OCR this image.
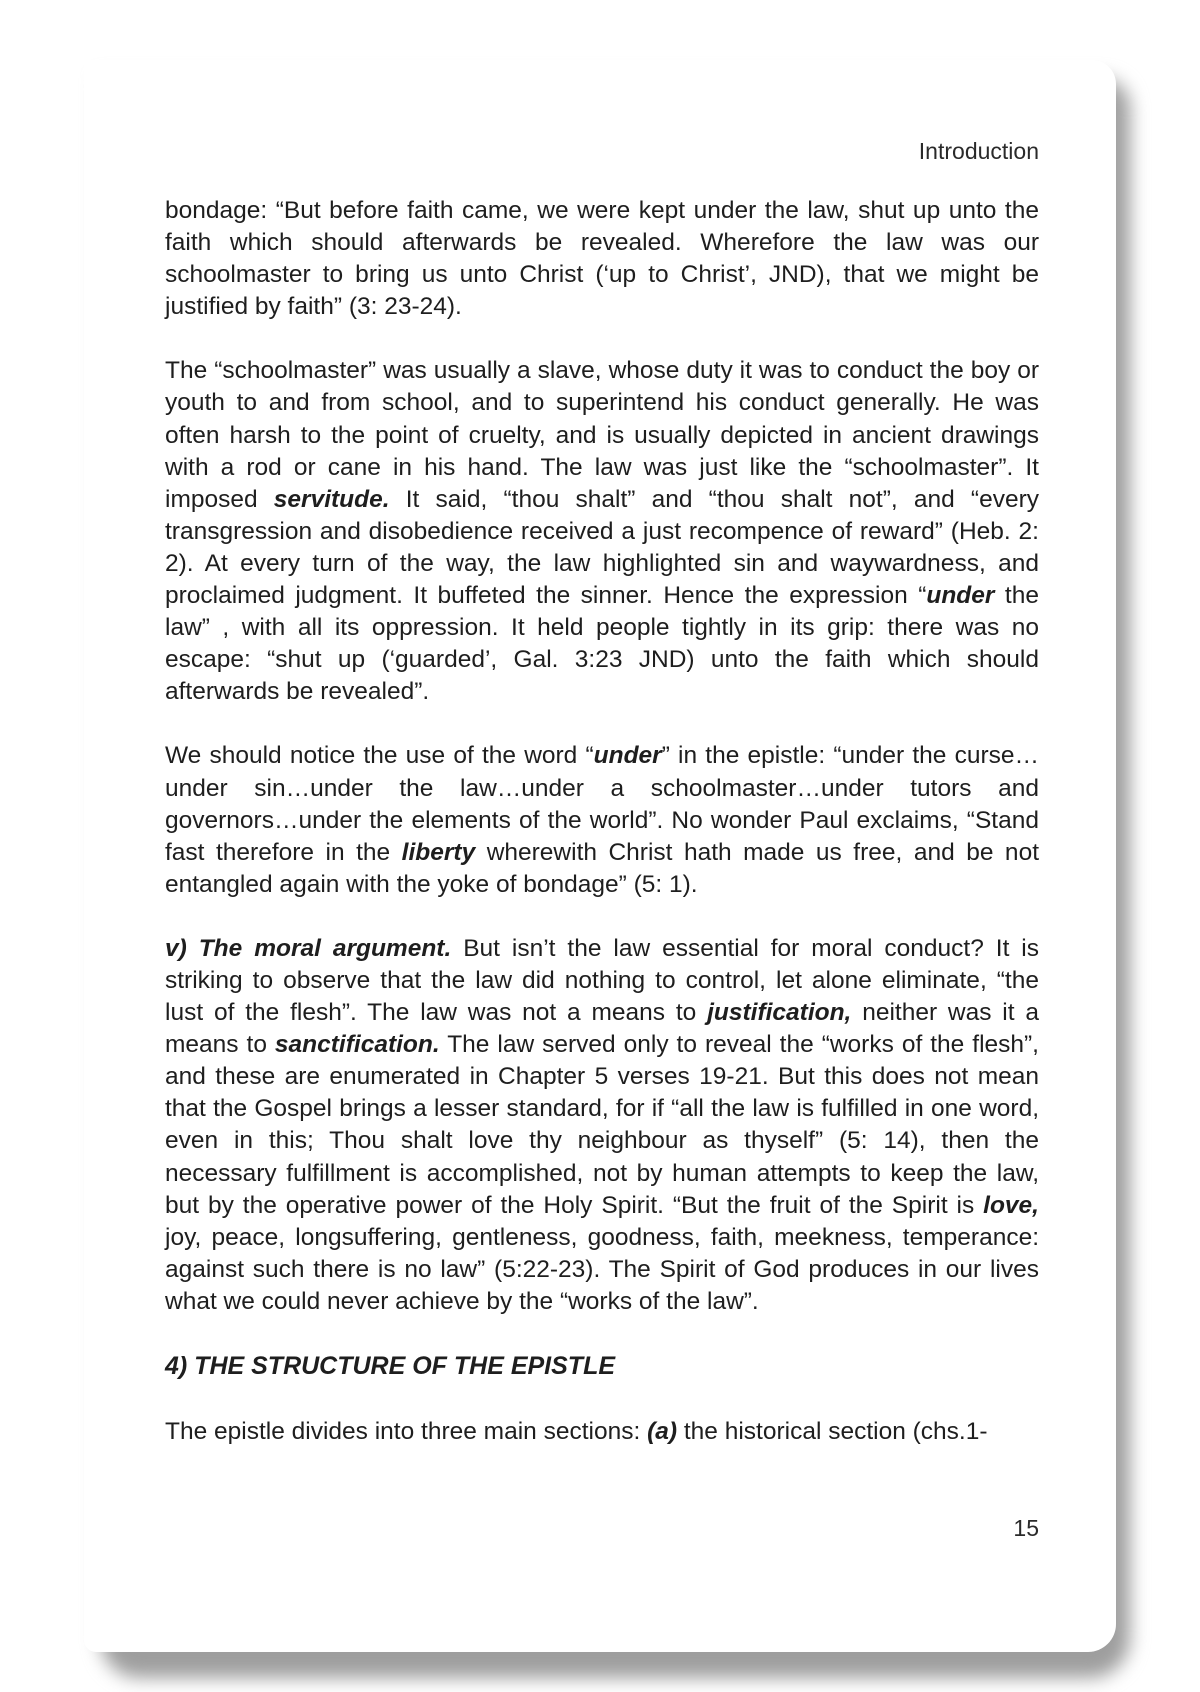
Introduction

bondage: “But before faith came, we were kept under the law, shut up unto the faith which should afterwards be revealed. Wherefore the law was our schoolmaster to bring us unto Christ (‘up to Christ’, JND), that we might be justified by faith” (3: 23-24).

The “schoolmaster” was usually a slave, whose duty it was to conduct the boy or youth to and from school, and to superintend his conduct generally. He was often harsh to the point of cruelty, and is usually depicted in ancient drawings with a rod or cane in his hand. The law was just like the “schoolmaster”. It imposed servitude. It said, “thou shalt” and “thou shalt not”, and “every transgression and disobedience received a just recompence of reward” (Heb. 2: 2). At every turn of the way, the law highlighted sin and waywardness, and proclaimed judgment. It buffeted the sinner. Hence the expression “under the law” , with all its oppression. It held people tightly in its grip: there was no escape: “shut up (‘guarded’, Gal. 3:23 JND) unto the faith which should afterwards be revealed”.

We should notice the use of the word “under” in the epistle: “under the curse…under sin…under the law…under a schoolmaster…under tutors and governors…under the elements of the world”. No wonder Paul exclaims, “Stand fast therefore in the liberty wherewith Christ hath made us free, and be not entangled again with the yoke of bondage” (5: 1).

v) The moral argument. But isn’t the law essential for moral conduct? It is striking to observe that the law did nothing to control, let alone eliminate, “the lust of the flesh”. The law was not a means to justification, neither was it a means to sanctification. The law served only to reveal the “works of the flesh”, and these are enumerated in Chapter 5 verses 19-21. But this does not mean that the Gospel brings a lesser standard, for if “all the law is fulfilled in one word, even in this; Thou shalt love thy neighbour as thyself” (5: 14), then the necessary fulfillment is accomplished, not by human attempts to keep the law, but by the operative power of the Holy Spirit. “But the fruit of the Spirit is love, joy, peace, longsuffering, gentleness, goodness, faith, meekness, temperance: against such there is no law” (5:22-23). The Spirit of God produces in our lives what we could never achieve by the “works of the law”.

4) THE STRUCTURE OF THE EPISTLE

The epistle divides into three main sections: (a) the historical section (chs.1-

15
